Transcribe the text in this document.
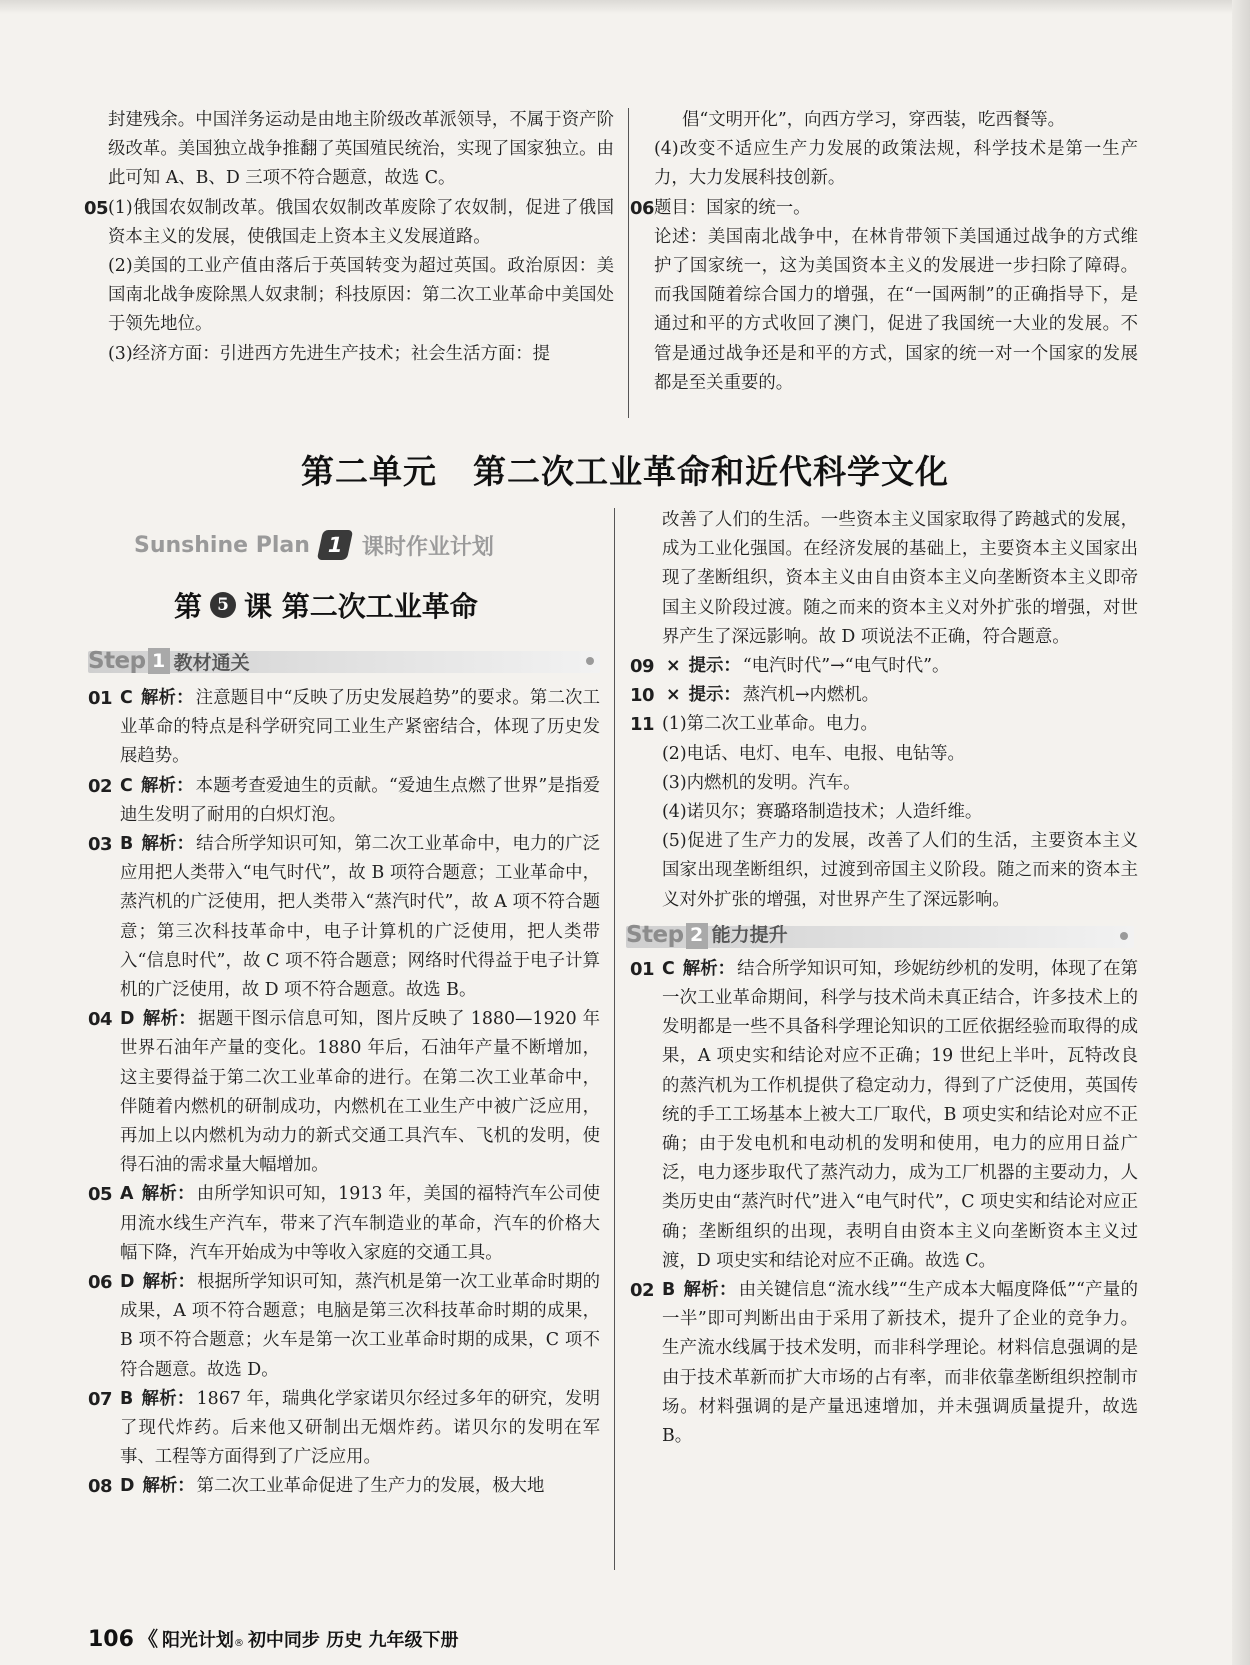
封建残余。中国洋务运动是由地主阶级改革派领导，不属于资产阶级改革。美国独立战争推翻了英国殖民统治，实现了国家独立。由此可知 A、B、D 三项不符合题意，故选 C。

05 (1)俄国农奴制改革。俄国农奴制改革废除了农奴制，促进了俄国资本主义的发展，使俄国走上资本主义发展道路。

(2)美国的工业产值由落后于英国转变为超过英国。政治原因：美国南北战争废除黑人奴隶制；科技原因：第二次工业革命中美国处于领先地位。

(3)经济方面：引进西方先进生产技术；社会生活方面：提

倡“文明开化”，向西方学习，穿西装，吃西餐等。

(4)改变不适应生产力发展的政策法规，科学技术是第一生产力，大力发展科技创新。

06 题目：国家的统一。

论述：美国南北战争中，在林肯带领下美国通过战争的方式维护了国家统一，这为美国资本主义的发展进一步扫除了障碍。而我国随着综合国力的增强，在“一国两制”的正确指导下，是通过和平的方式收回了澳门，促进了我国统一大业的发展。不管是通过战争还是和平的方式，国家的统一对一个国家的发展都是至关重要的。

第二单元 第二次工业革命和近代科学文化
Sunshine Plan 1 课时作业计划
第 5 课 第二次工业革命
Step 1 教材通关
01 C 解析： 注意题目中“反映了历史发展趋势”的要求。第二次工业革命的特点是科学研究同工业生产紧密结合，体现了历史发展趋势。
02 C 解析： 本题考查爱迪生的贡献。“爱迪生点燃了世界”是指爱迪生发明了耐用的白炽灯泡。
03 B 解析： 结合所学知识可知，第二次工业革命中，电力的广泛应用把人类带入“电气时代”，故 B 项符合题意；工业革命中，蒸汽机的广泛使用，把人类带入“蒸汽时代”，故 A 项不符合题意；第三次科技革命中，电子计算机的广泛使用，把人类带入“信息时代”，故 C 项不符合题意；网络时代得益于电子计算机的广泛使用，故 D 项不符合题意。故选 B。
04 D 解析： 据题干图示信息可知，图片反映了 1880—1920 年世界石油年产量的变化。1880 年后，石油年产量不断增加，这主要得益于第二次工业革命的进行。在第二次工业革命中，伴随着内燃机的研制成功，内燃机在工业生产中被广泛应用，再加上以内燃机为动力的新式交通工具汽车、飞机的发明，使得石油的需求量大幅增加。
05 A 解析： 由所学知识可知，1913 年，美国的福特汽车公司使用流水线生产汽车，带来了汽车制造业的革命，汽车的价格大幅下降，汽车开始成为中等收入家庭的交通工具。
06 D 解析： 根据所学知识可知，蒸汽机是第一次工业革命时期的成果，A 项不符合题意；电脑是第三次科技革命时期的成果，B 项不符合题意；火车是第一次工业革命时期的成果，C 项不符合题意。故选 D。
07 B 解析： 1867 年，瑞典化学家诺贝尔经过多年的研究，发明了现代炸药。后来他又研制出无烟炸药。诺贝尔的发明在军事、工程等方面得到了广泛应用。
08 D 解析： 第二次工业革命促进了生产力的发展，极大地

改善了人们的生活。一些资本主义国家取得了跨越式的发展，成为工业化强国。在经济发展的基础上，主要资本主义国家出现了垄断组织，资本主义由自由资本主义向垄断资本主义即帝国主义阶段过渡。随之而来的资本主义对外扩张的增强，对世界产生了深远影响。故 D 项说法不正确，符合题意。

09 × 提示： “电汽时代”→“电气时代”。
10 × 提示： 蒸汽机→内燃机。
11 (1)第二次工业革命。电力。

(2)电话、电灯、电车、电报、电钻等。

(3)内燃机的发明。汽车。

(4)诺贝尔；赛璐珞制造技术；人造纤维。

(5)促进了生产力的发展，改善了人们的生活，主要资本主义国家出现垄断组织，过渡到帝国主义阶段。随之而来的资本主义对外扩张的增强，对世界产生了深远影响。

Step 2 能力提升
01 C 解析： 结合所学知识可知，珍妮纺纱机的发明，体现了在第一次工业革命期间，科学与技术尚未真正结合，许多技术上的发明都是一些不具备科学理论知识的工匠依据经验而取得的成果，A 项史实和结论对应不正确；19 世纪上半叶，瓦特改良的蒸汽机为工作机提供了稳定动力，得到了广泛使用，英国传统的手工工场基本上被大工厂取代，B 项史实和结论对应不正确；由于发电机和电动机的发明和使用，电力的应用日益广泛，电力逐步取代了蒸汽动力，成为工厂机器的主要动力，人类历史由“蒸汽时代”进入“电气时代”，C 项史实和结论对应正确；垄断组织的出现，表明自由资本主义向垄断资本主义过渡，D 项史实和结论对应不正确。故选 C。
02 B 解析： 由关键信息“流水线”“生产成本大幅度降低”“产量的一半”即可判断出由于采用了新技术，提升了企业的竞争力。生产流水线属于技术发明，而非科学理论。材料信息强调的是由于技术革新而扩大市场的占有率，而非依靠垄断组织控制市场。材料强调的是产量迅速增加，并未强调质量提升，故选 B。
106 《 阳光计划 ® 初中同步 历史 九年级下册
